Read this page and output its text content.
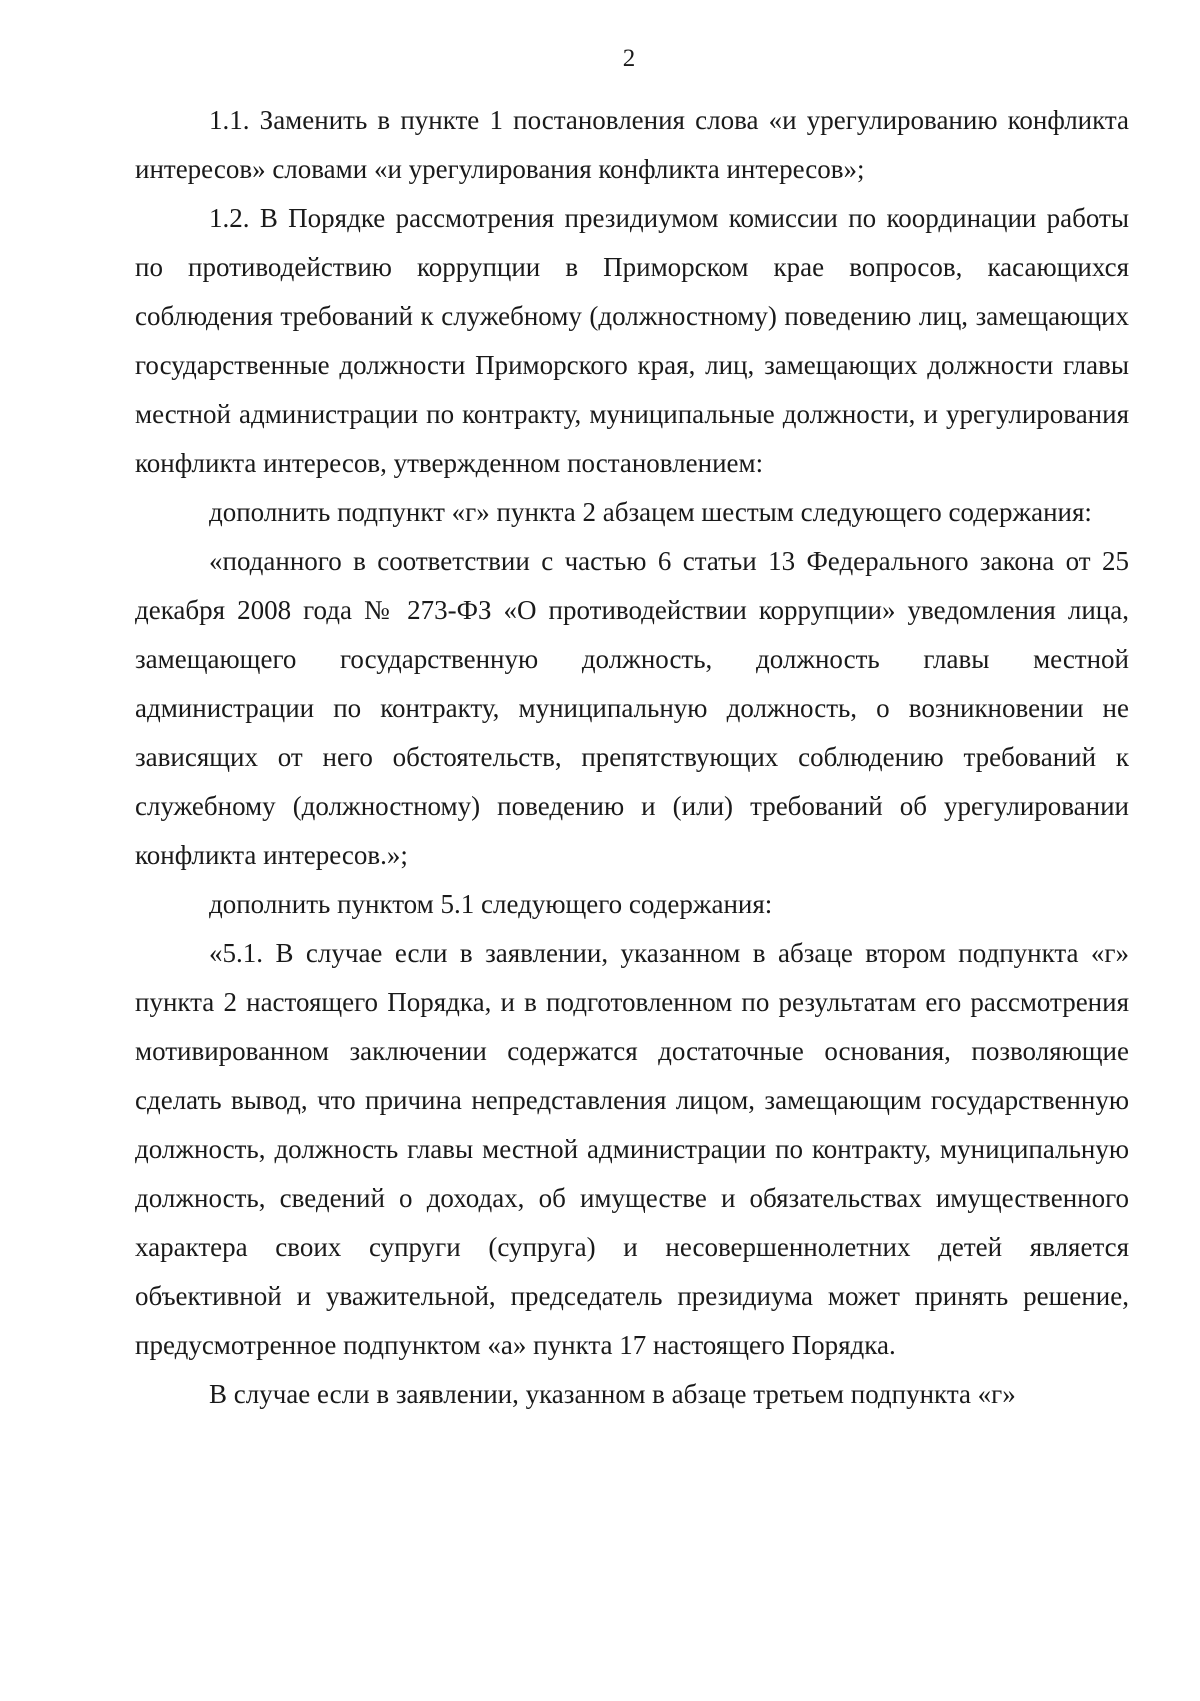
2

1.1. Заменить в пункте 1 постановления слова «и урегулированию конфликта интересов» словами «и урегулирования конфликта интересов»;

1.2. В Порядке рассмотрения президиумом комиссии по координации работы по противодействию коррупции в Приморском крае вопросов, касающихся соблюдения требований к служебному (должностному) поведению лиц, замещающих государственные должности Приморского края, лиц, замещающих должности главы местной администрации по контракту, муниципальные должности, и урегулирования конфликта интересов, утвержденном постановлением:

дополнить подпункт «г» пункта 2 абзацем шестым следующего содержания:

«поданного в соответствии с частью 6 статьи 13 Федерального закона от 25 декабря 2008 года № 273-ФЗ «О противодействии коррупции» уведомления лица, замещающего государственную должность, должность главы местной администрации по контракту, муниципальную должность, о возникновении не зависящих от него обстоятельств, препятствующих соблюдению требований к служебному (должностному) поведению и (или) требований об урегулировании конфликта интересов.»;

дополнить пунктом 5.1 следующего содержания:

«5.1. В случае если в заявлении, указанном в абзаце втором подпункта «г» пункта 2 настоящего Порядка, и в подготовленном по результатам его рассмотрения мотивированном заключении содержатся достаточные основания, позволяющие сделать вывод, что причина непредставления лицом, замещающим государственную должность, должность главы местной администрации по контракту, муниципальную должность, сведений о доходах, об имуществе и обязательствах имущественного характера своих супруги (супруга) и несовершеннолетних детей является объективной и уважительной, председатель президиума может принять решение, предусмотренное подпунктом «а» пункта 17 настоящего Порядка.

В случае если в заявлении, указанном в абзаце третьем подпункта «г»
